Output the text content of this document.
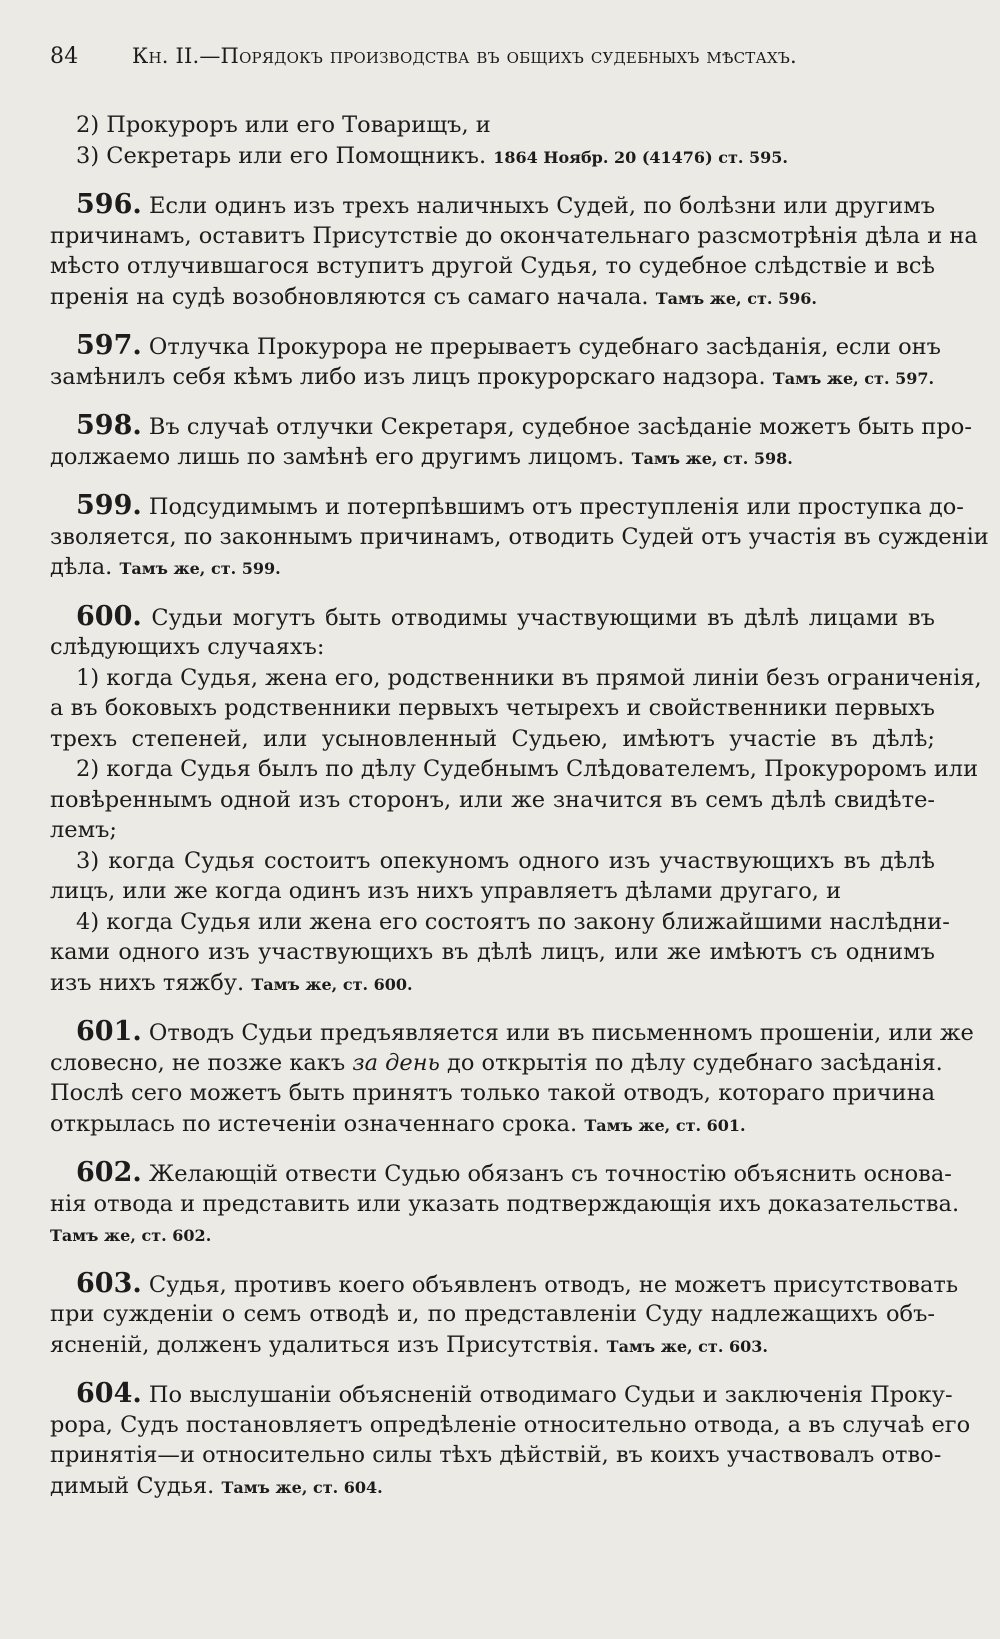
84	Кн. II.—Порядокъ производства въ общихъ судебныхъ мѣстахъ.
2) Прокуроръ или его Товарищъ, и
3) Секретарь или его Помощникъ. 1864 Ноябр. 20 (41476) ст. 595.
596. Если одинъ изъ трехъ наличныхъ Судей, по болѣзни или другимъ
причинамъ, оставитъ Присутствіе до окончательнаго разсмотрѣнія дѣла и на
мѣсто отлучившагося вступитъ другой Судья, то судебное слѣдствіе и всѣ
пренія на судѣ возобновляются съ самаго начала. Тамъ же, ст. 596.
597. Отлучка Прокурора не прерываетъ судебнаго засѣданія, если онъ
замѣнилъ себя кѣмъ либо изъ лицъ прокурорскаго надзора. Тамъ же, ст. 597.
598. Въ случаѣ отлучки Секретаря, судебное засѣданіе можетъ быть про-
должаемо лишь по замѣнѣ его другимъ лицомъ. Тамъ же, ст. 598.
599. Подсудимымъ и потерпѣвшимъ отъ преступленія или проступка до-
зволяется, по законнымъ причинамъ, отводить Судей отъ участія въ сужденіи
дѣла. Тамъ же, ст. 599.
600. Судьи могутъ быть отводимы участвующими въ дѣлѣ лицами въ
слѣдующихъ случаяхъ:
1) когда Судья, жена его, родственники въ прямой линіи безъ ограниченія,
а въ боковыхъ родственники первыхъ четырехъ и свойственники первыхъ
трехъ степеней, или усыновленный Судьею, имѣютъ участіе въ дѣлѣ;
2) когда Судья былъ по дѣлу Судебнымъ Слѣдователемъ, Прокуроромъ или
повѣреннымъ одной изъ сторонъ, или же значится въ семъ дѣлѣ свидѣте-
лемъ;
3) когда Судья состоитъ опекуномъ одного изъ участвующихъ въ дѣлѣ
лицъ, или же когда одинъ изъ нихъ управляетъ дѣлами другаго, и
4) когда Судья или жена его состоятъ по закону ближайшими наслѣдни-
ками одного изъ участвующихъ въ дѣлѣ лицъ, или же имѣютъ съ однимъ
изъ нихъ тяжбу. Тамъ же, ст. 600.
601. Отводъ Судьи предъявляется или въ письменномъ прошеніи, или же
словесно, не позже какъ за день до открытія по дѣлу судебнаго засѣданія.
Послѣ сего можетъ быть принятъ только такой отводъ, котораго причина
открылась по истеченіи означеннаго срока. Тамъ же, ст. 601.
602. Желающій отвести Судью обязанъ съ точностію объяснить основа-
нія отвода и представить или указать подтверждающія ихъ доказательства.
Тамъ же, ст. 602.
603. Судья, противъ коего объявленъ отводъ, не можетъ присутствовать
при сужденіи о семъ отводѣ и, по представленіи Суду надлежащихъ объ-
ясненій, долженъ удалиться изъ Присутствія. Тамъ же, ст. 603.
604. По выслушаніи объясненій отводимаго Судьи и заключенія Проку-
рора, Судъ постановляетъ опредѣленіе относительно отвода, а въ случаѣ его
принятія—и относительно силы тѣхъ дѣйствій, въ коихъ участвовалъ отво-
димый Судья. Тамъ же, ст. 604.
